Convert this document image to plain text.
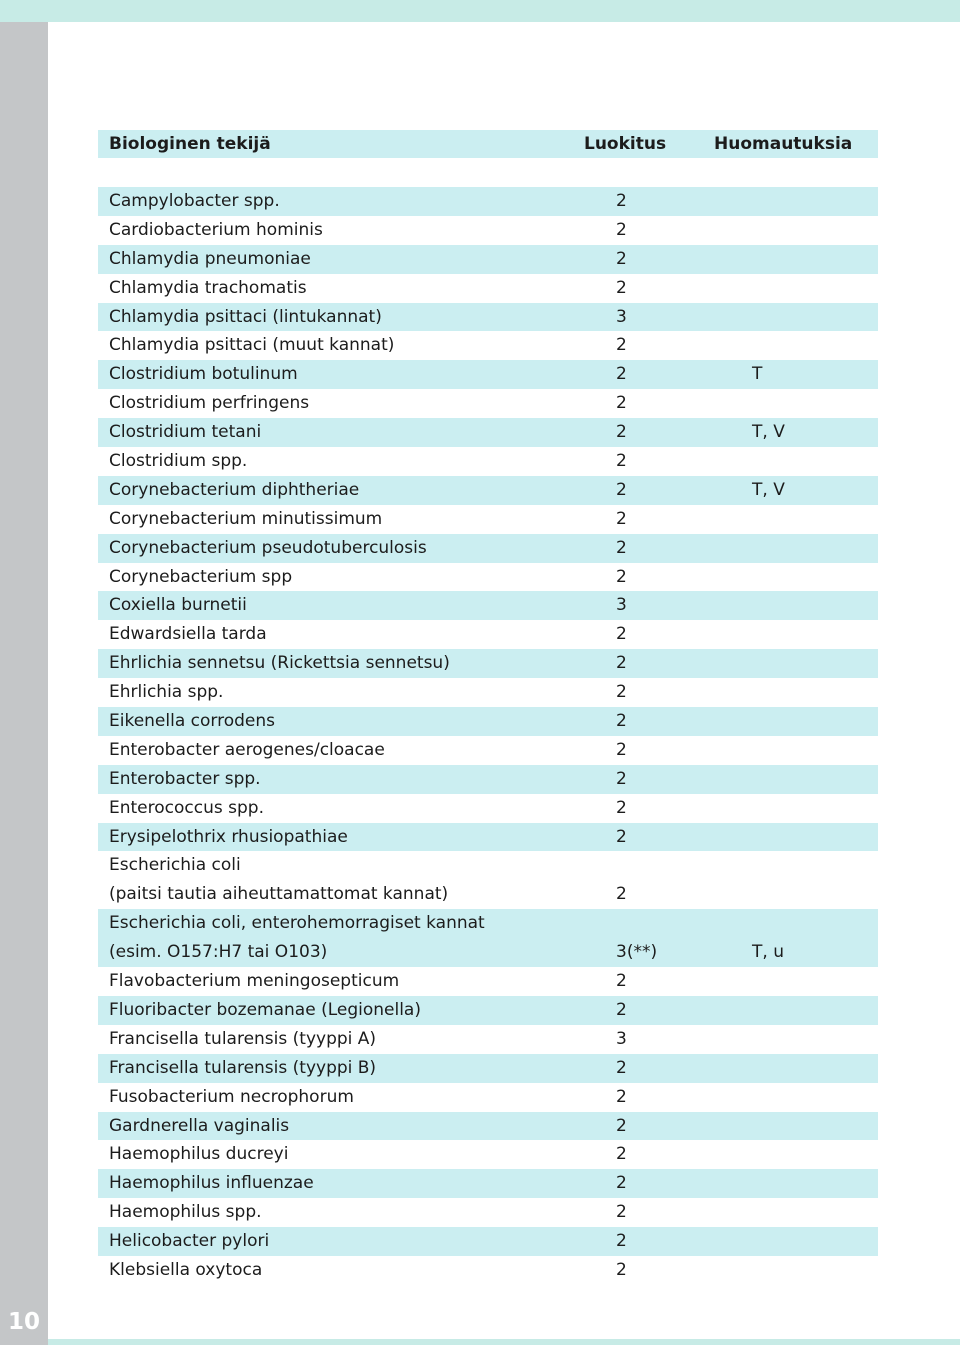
10
Biologinen tekijä	Luokitus	Huomautuksia
Campylobacter spp.	2
Cardiobacterium hominis	2
Chlamydia pneumoniae	2
Chlamydia trachomatis	2
Chlamydia psittaci (lintukannat)	3
Chlamydia psittaci (muut kannat)	2
Clostridium botulinum	2	T
Clostridium perfringens	2
Clostridium tetani	2	T, V
Clostridium spp.	2
Corynebacterium diphtheriae	2	T, V
Corynebacterium minutissimum	2
Corynebacterium pseudotuberculosis	2
Corynebacterium spp	2
Coxiella burnetii	3
Edwardsiella tarda	2
Ehrlichia sennetsu (Rickettsia sennetsu)	2
Ehrlichia spp.	2
Eikenella corrodens	2
Enterobacter aerogenes/cloacae	2
Enterobacter spp.	2
Enterococcus spp.	2
Erysipelothrix rhusiopathiae	2
Escherichia coli
(paitsi tautia aiheuttamattomat kannat)	2
Escherichia coli, enterohemorragiset kannat
(esim. O157:H7 tai O103)	3(**)	T, u
Flavobacterium meningosepticum	2
Fluoribacter bozemanae (Legionella)	2
Francisella tularensis (tyyppi A)	3
Francisella tularensis (tyyppi B)	2
Fusobacterium necrophorum	2
Gardnerella vaginalis	2
Haemophilus ducreyi	2
Haemophilus influenzae	2
Haemophilus spp.	2
Helicobacter pylori	2
Klebsiella oxytoca	2
